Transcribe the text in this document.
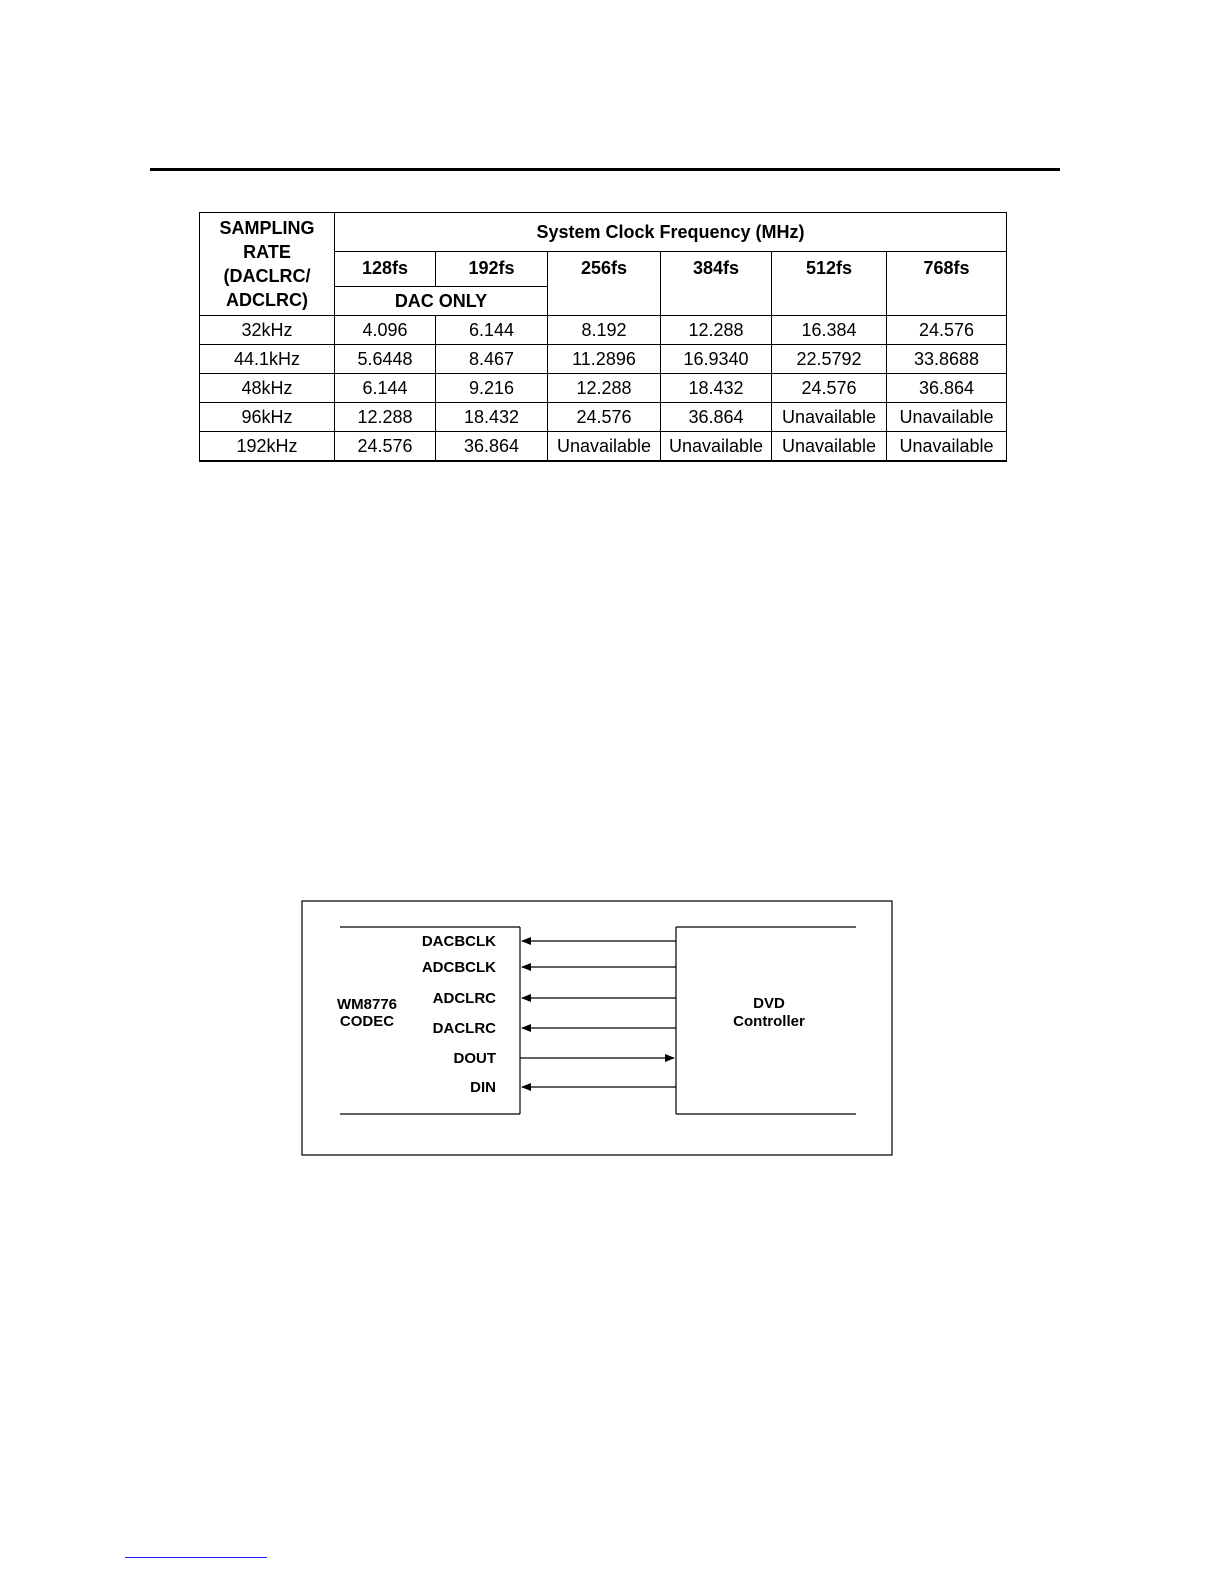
SAMPLING
RATE
(DACLRC/
ADCLRC)	System Clock Frequency (MHz)					
	128fs	192fs	256fs	384fs	512fs	768fs
	DAC ONLY					
32kHz	4.096	6.144	8.192	12.288	16.384	24.576
44.1kHz	5.6448	8.467	11.2896	16.9340	22.5792	33.8688
48kHz	6.144	9.216	12.288	18.432	24.576	36.864
96kHz	12.288	18.432	24.576	36.864	Unavailable	Unavailable
192kHz	24.576	36.864	Unavailable	Unavailable	Unavailable	Unavailable
WM8776
CODEC
DVD
Controller
DACBCLK
ADCBCLK
ADCLRC
DACLRC
DOUT
DIN
